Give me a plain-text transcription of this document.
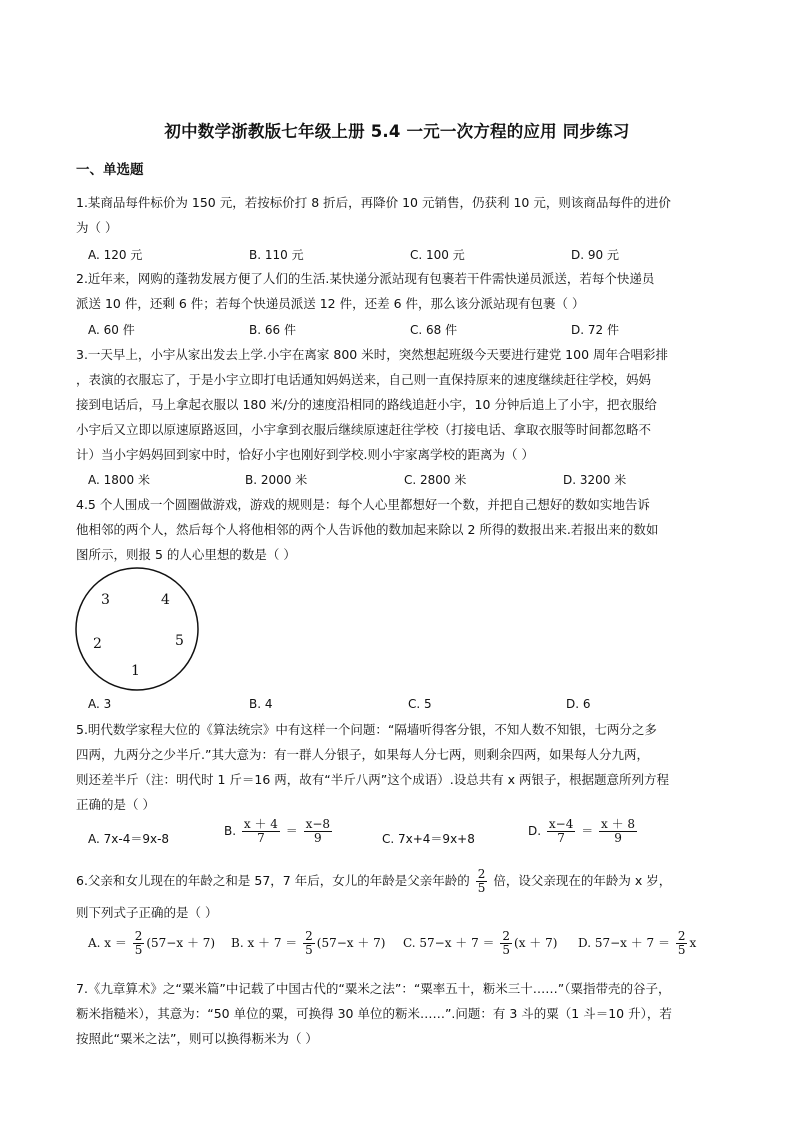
初中数学浙教版七年级上册 5.4 一元一次方程的应用 同步练习
一、单选题
1.某商品每件标价为 150 元，若按标价打 8 折后，再降价 10 元销售，仍获利 10 元，则该商品每件的进价
为（ ）
A. 120 元	B. 110 元	C. 100 元	D. 90 元
2.近年来，网购的蓬勃发展方便了人们的生活.某快递分派站现有包裹若干件需快递员派送，若每个快递员
派送 10 件，还剩 6 件；若每个快递员派送 12 件，还差 6 件，那么该分派站现有包裹（ ）
A. 60 件	B. 66 件	C. 68 件	D. 72 件
3.一天早上，小宇从家出发去上学.小宇在离家 800 米时，突然想起班级今天要进行建党 100 周年合唱彩排
，表演的衣服忘了，于是小宇立即打电话通知妈妈送来，自己则一直保持原来的速度继续赶往学校，妈妈
接到电话后，马上拿起衣服以 180 米/分的速度沿相同的路线追赶小宇，10 分钟后追上了小宇，把衣服给
小宇后又立即以原速原路返回，小宇拿到衣服后继续原速赶往学校（打接电话、拿取衣服等时间都忽略不
计）当小宇妈妈回到家中时，恰好小宇也刚好到学校.则小宇家离学校的距离为（ ）
A. 1800 米	B. 2000 米	C. 2800 米	D. 3200 米
4.5 个人围成一个圆圈做游戏，游戏的规则是：每个人心里都想好一个数，并把自己想好的数如实地告诉
他相邻的两个人，然后每个人将他相邻的两个人告诉他的数加起来除以 2 所得的数报出来.若报出来的数如
图所示，则报 5 的人心里想的数是（ ）
3	4
2	5
1
A. 3	B. 4	C. 5	D. 6
5.明代数学家程大位的《算法统宗》中有这样一个问题：“隔墙听得客分银，不知人数不知银，七两分之多
四两，九两分之少半斤.”其大意为：有一群人分银子，如果每人分七两，则剩余四两，如果每人分九两，
则还差半斤（注：明代时 1 斤＝16 两，故有“半斤八两”这个成语）.设总共有 x 两银子，根据题意所列方程
正确的是（ ）
A. 7x-4＝9x-8
B. $\frac{x + 4}{7} = \frac{x-8}{9}$	C. 7x+4＝9x+8
D. $\frac{x-4}{7} = \frac{x + 8}{9}$
6.父亲和女儿现在的年龄之和是 57，7 年后，女儿的年龄是父亲年龄的 $\frac{2}{5}$ 倍，设父亲现在的年龄为 x 岁，
则下列式子正确的是（ ）
A. $x = \frac{2}{5} (57-x + 7)$ B. $x + 7 = \frac{2}{5} (57-x + 7)$ C. $57-x + 7 = \frac{2}{5} (x + 7)$ D. $57-x + 7 = \frac{2}{5}$ x
7.《九章算术》之“粟米篇”中记载了中国古代的“粟米之法”：“粟率五十，粝米三十……”（粟指带壳的谷子，
粝米指糙米），其意为：“50 单位的粟，可换得 30 单位的粝米……”.问题：有 3 斗的粟（1 斗＝10 升），若
按照此“粟米之法”，则可以换得粝米为（ ）
